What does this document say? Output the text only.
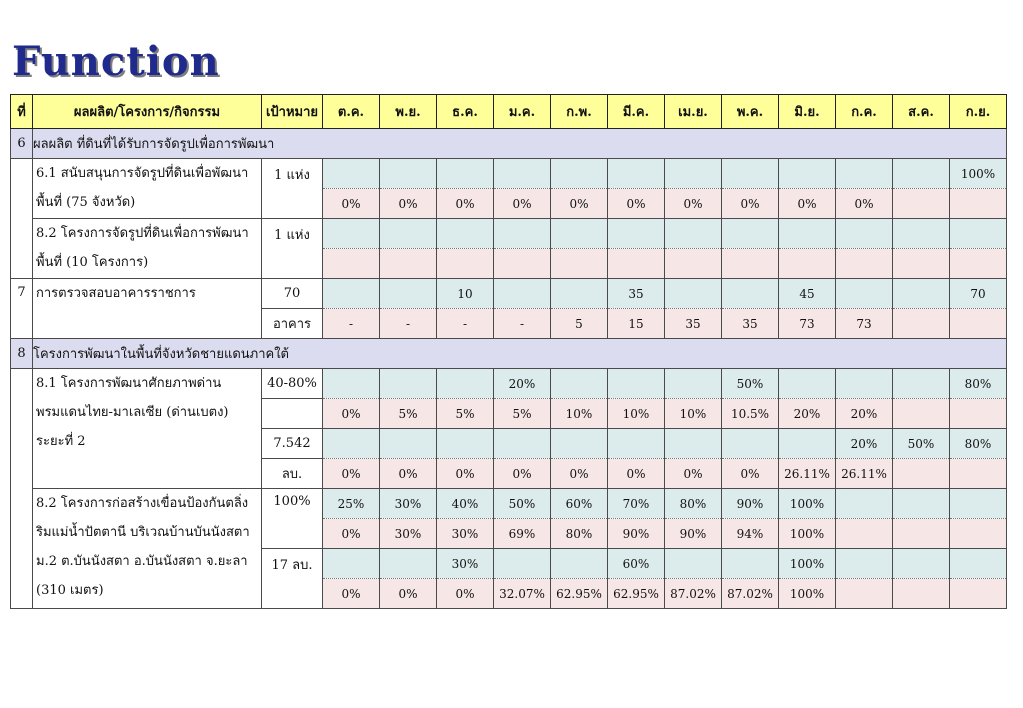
Function
ที่	ผลผลิต/โครงการ/กิจกรรม	เป้าหมาย	ต.ค.	พ.ย.	ธ.ค.	ม.ค.	ก.พ.	มี.ค.	เม.ย.	พ.ค.	มิ.ย.	ก.ค.	ส.ค.	ก.ย.
6	ผลผลิต ที่ดินที่ได้รับการจัดรูปเพื่อการพัฒนา													
	6.1 สนับสนุนการจัดรูปที่ดินเพื่อพัฒนาพื้นที่ (75 จังหวัด)	1 แห่ง												100%
			0%	0%	0%	0%	0%	0%	0%	0%	0%	0%		
	8.2 โครงการจัดรูปที่ดินเพื่อการพัฒนาพื้นที่ (10 โครงการ)	1 แห่ง												

7	การตรวจสอบอาคารราชการ	70			10			35			45			70
		อาคาร	-	-	-	-	5	15	35	35	73	73		
8	โครงการพัฒนาในพื้นที่จังหวัดชายแดนภาคใต้													
	8.1 โครงการพัฒนาศักยภาพด่านพรมแดนไทย-มาเลเซีย (ด่านเบตง) ระยะที่ 2	40-80%				20%				50%				80%
			0%	5%	5%	5%	10%	10%	10%	10.5%	20%	20%		
		7.542										20%	50%	80%
		ลบ.	0%	0%	0%	0%	0%	0%	0%	0%	26.11%	26.11%		
	8.2 โครงการก่อสร้างเขื่อนป้องกันตลิ่งริมแม่น้ำปัตตานี บริเวณบ้านบันนังสตา ม.2 ต.บันนังสตา อ.บันนังสตา จ.ยะลา (310 เมตร)	100%	25%	30%	40%	50%	60%	70%	80%	90%	100%			
			0%	30%	30%	69%	80%	90%	90%	94%	100%			
		17 ลบ.			30%			60%			100%			
			0%	0%	0%	32.07%	62.95%	62.95%	87.02%	87.02%	100%			
